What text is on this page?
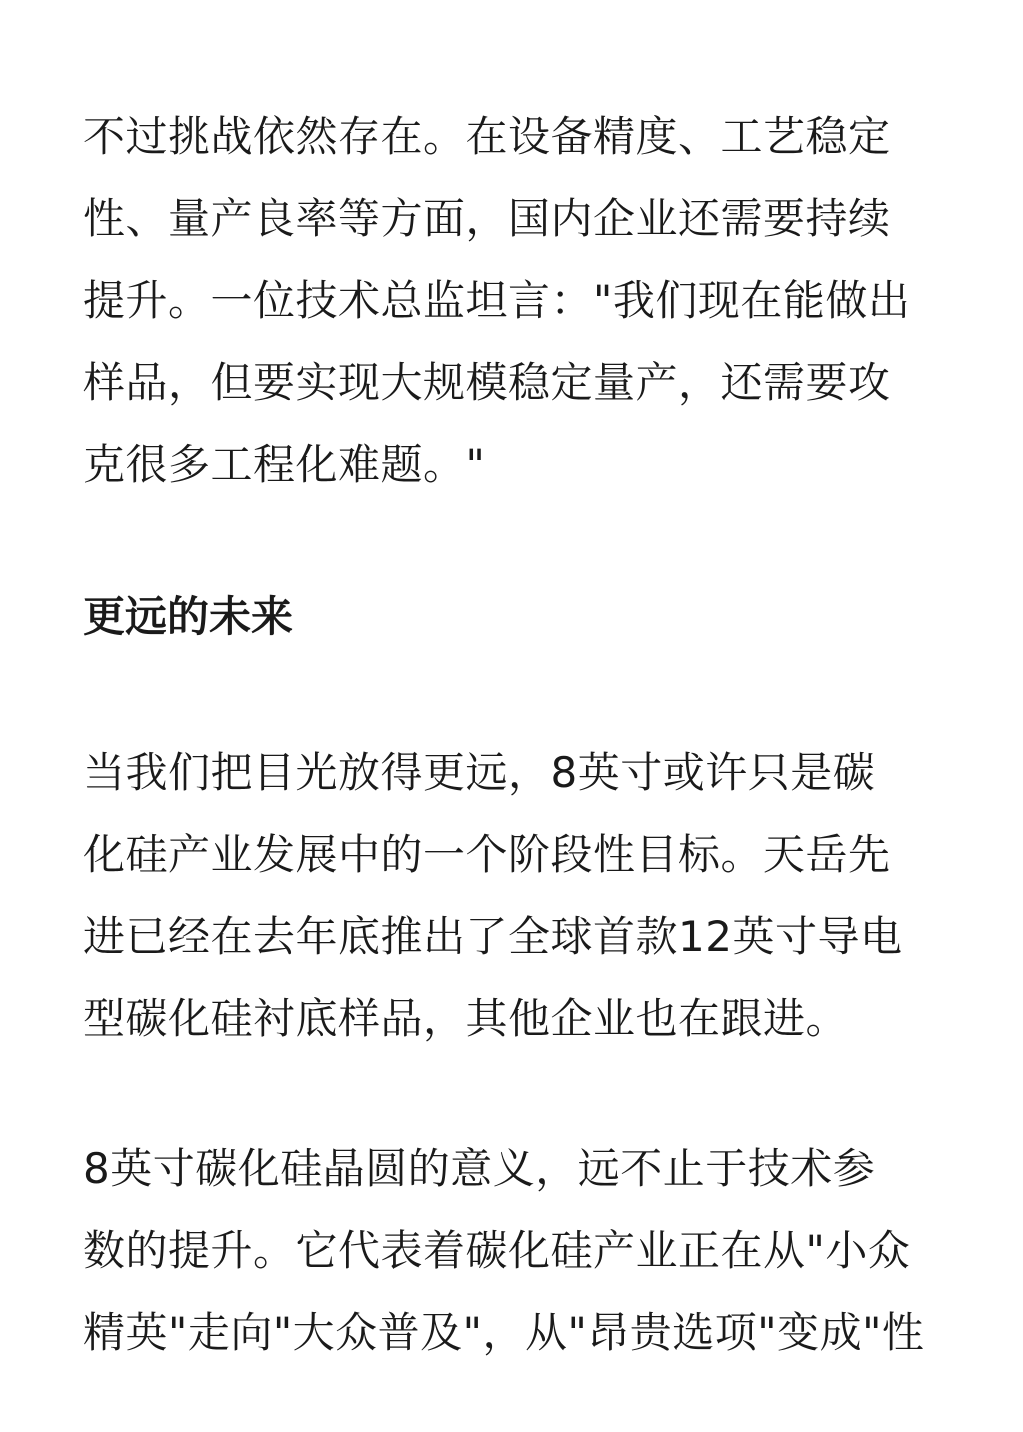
不过挑战依然存在。在设备精度、工艺稳定
性、量产良率等方面，国内企业还需要持续
提升。一位技术总监坦言："我们现在能做出
样品，但要实现大规模稳定量产，还需要攻
克很多工程化难题。"

更远的未来

当我们把目光放得更远，8英寸或许只是碳
化硅产业发展中的一个阶段性目标。天岳先
进已经在去年底推出了全球首款12英寸导电
型碳化硅衬底样品，其他企业也在跟进。

8英寸碳化硅晶圆的意义，远不止于技术参
数的提升。它代表着碳化硅产业正在从"小众
精英"走向"大众普及"，从"昂贵选项"变成"性
